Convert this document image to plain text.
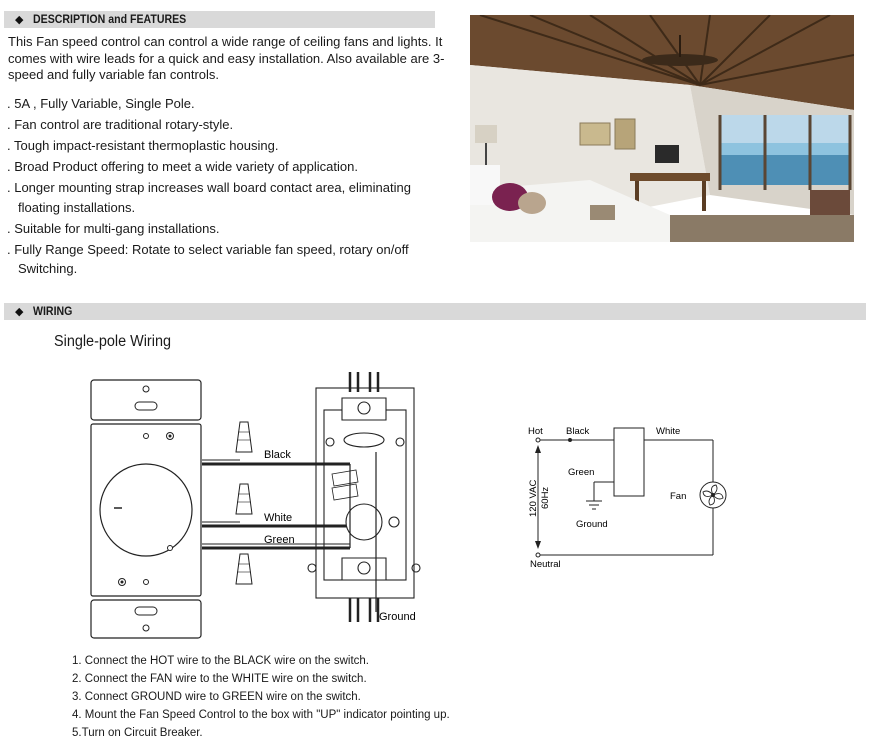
◆ DESCRIPTION and FEATURES

This Fan speed control can control a wide range of ceiling fans and lights. It comes with wire leads for a quick and easy installation. Also available are 3-speed and fully variable fan controls.

. 5A , Fully Variable, Single Pole.
. Fan control are traditional rotary-style.
. Tough impact-resistant thermoplastic housing.
. Broad Product offering to meet a wide variety of application.
. Longer mounting strap increases wall board contact area, eliminating
floating installations.
. Suitable for multi-gang installations.
. Fully Range Speed: Rotate to select variable fan speed, rotary on/off
Switching.
◆ WIRING
Single-pole Wiring
Black
White
Green
Ground
Hot Black	White
Green
Ground
Fan
Neutral
120 VAC 60Hz
1. Connect the HOT wire to the BLACK wire on the switch.
2. Connect the FAN wire to the WHITE wire on the switch.
3. Connect GROUND wire to GREEN wire on the switch.
4. Mount the Fan Speed Control to the box with "UP" indicator pointing up.
5.Turn on Circuit Breaker.
